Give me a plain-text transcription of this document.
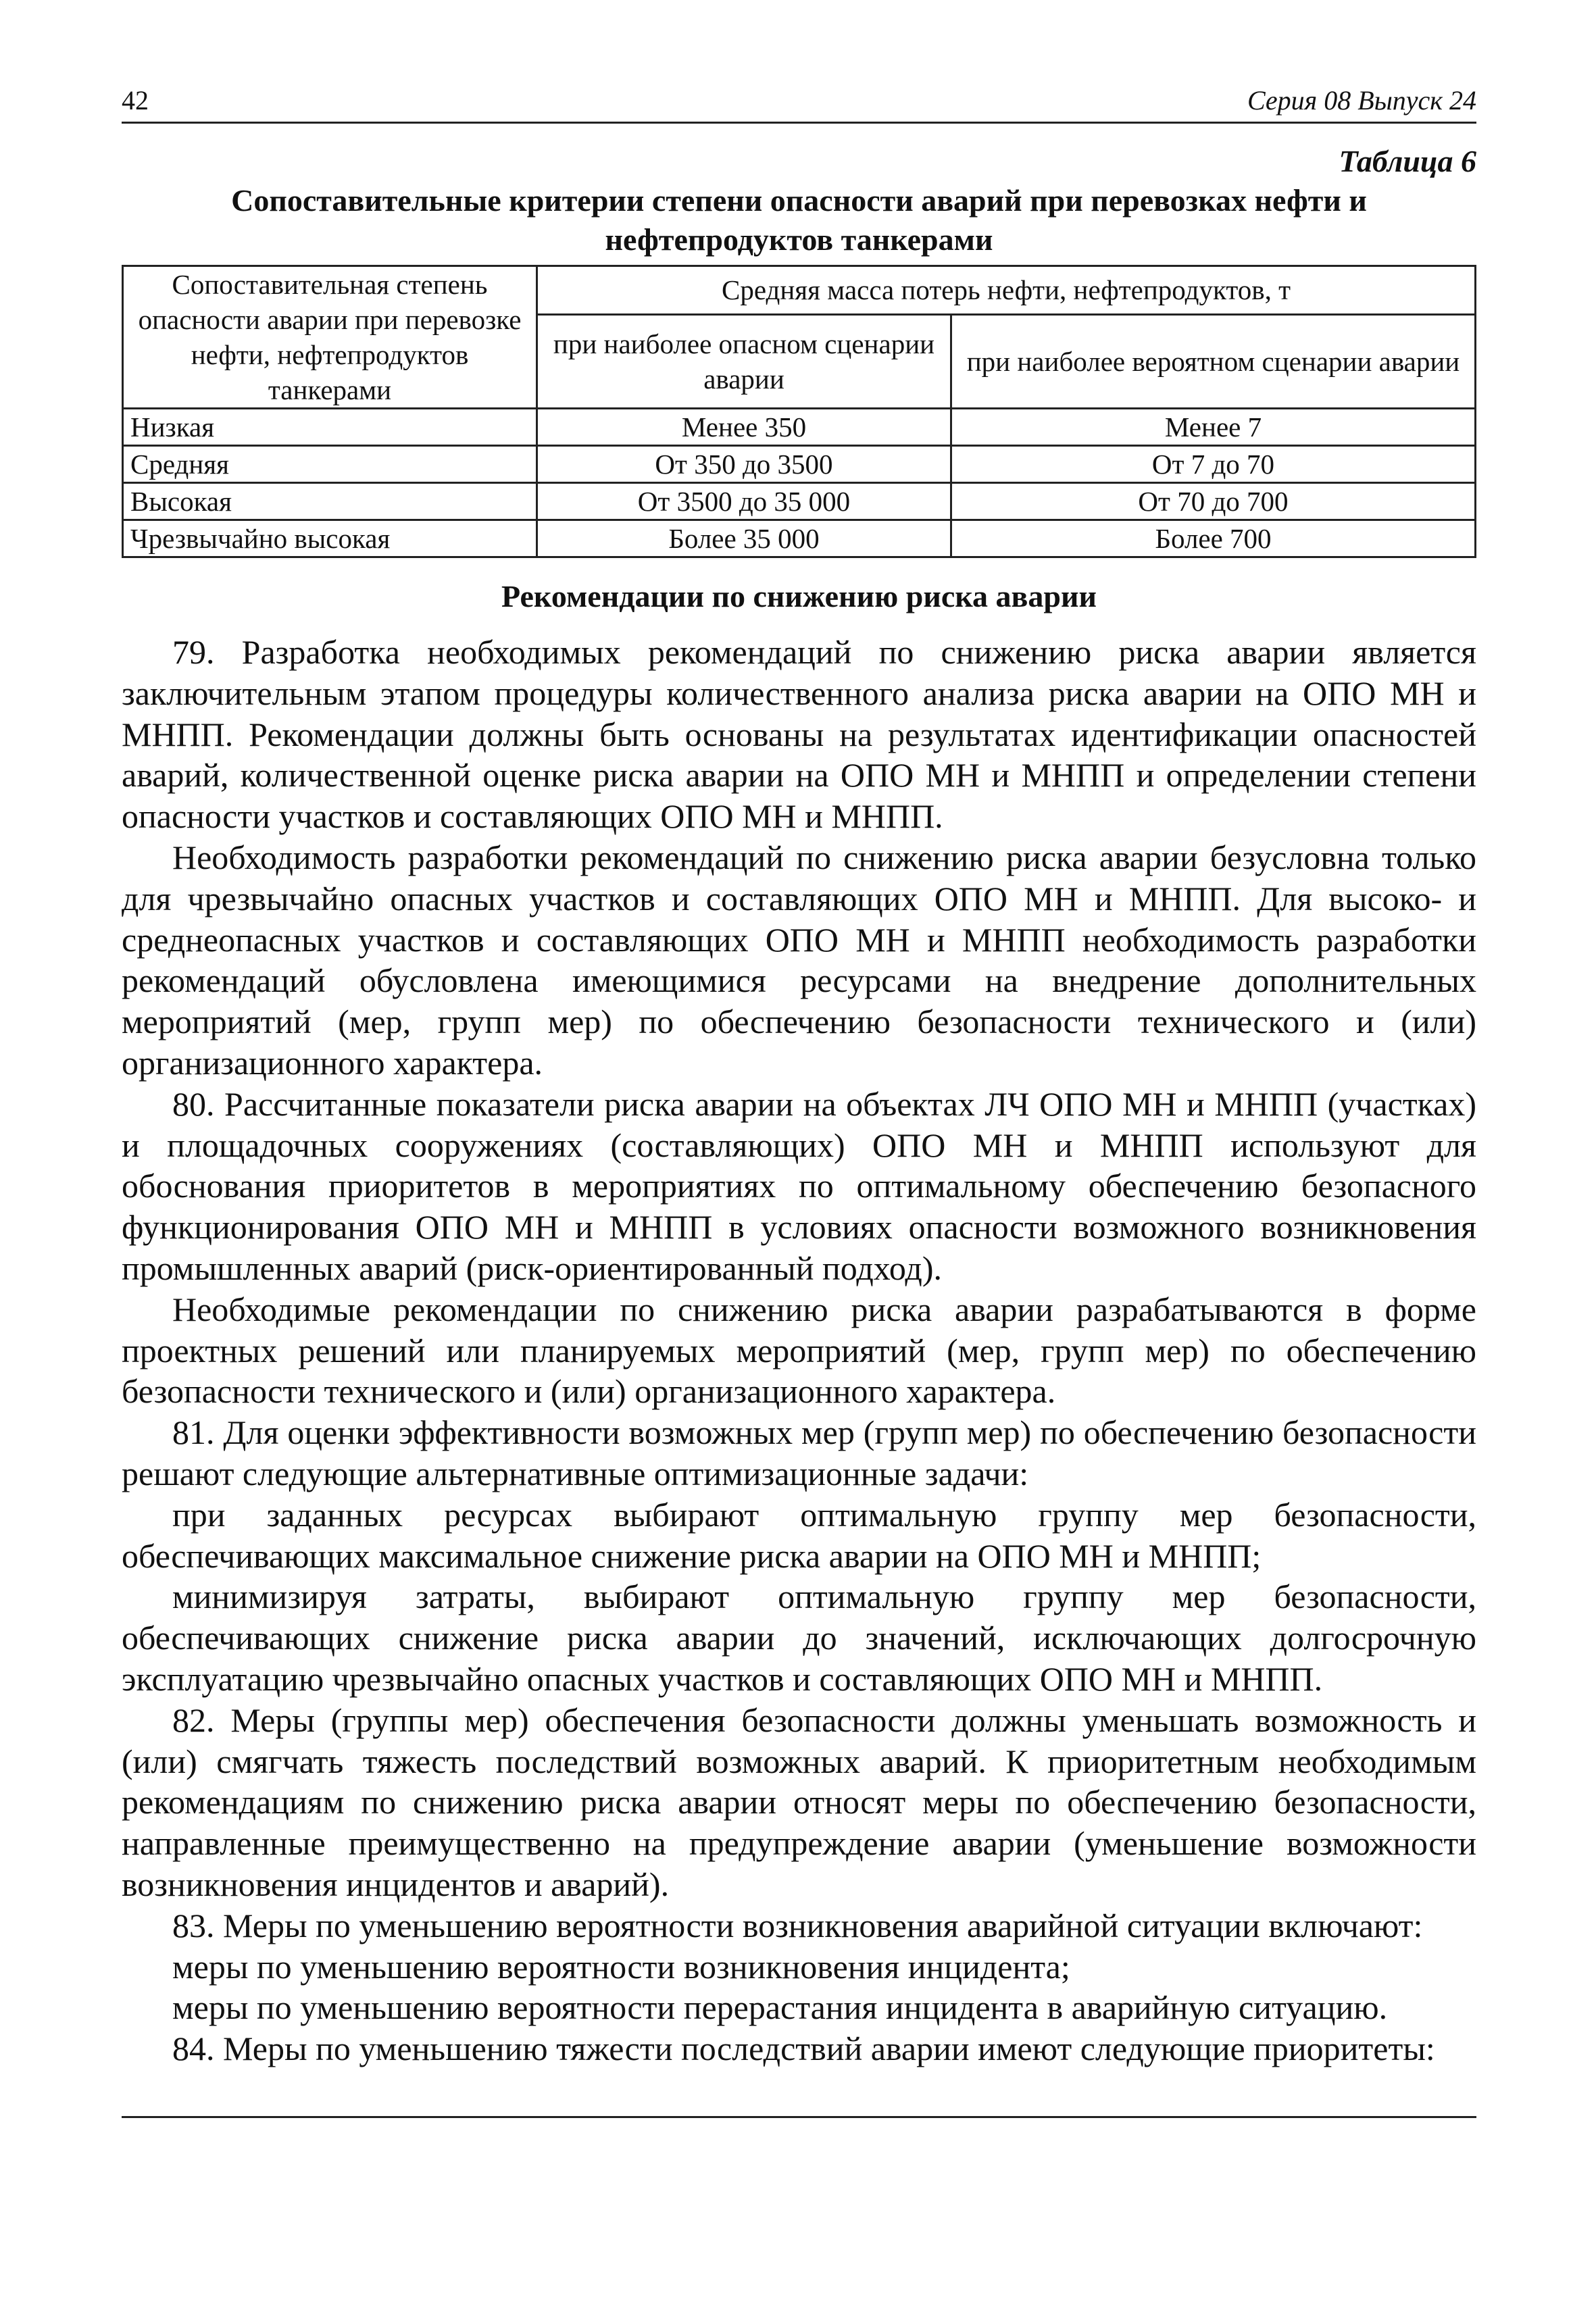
42	Серия 08 Выпуск 24
Таблица 6
Сопоставительные критерии степени опасности аварий при перевозках нефти и нефтепродуктов танкерами
Сопоставительная степень опасности аварии при перевозке нефти, нефтепродуктов танкерами	Средняя масса потерь нефти, нефтепродуктов, т	
	при наиболее опасном сценарии аварии	при наиболее вероятном сценарии аварии
Низкая	Менее 350	Менее 7
Средняя	От 350 до 3500	От 7 до 70
Высокая	От 3500 до 35 000	От 70 до 700
Чрезвычайно высокая	Более 35 000	Более 700
Рекомендации по снижению риска аварии

79. Разработка необходимых рекомендаций по снижению риска аварии является заключительным этапом процедуры количественного анализа риска аварии на ОПО МН и МНПП. Рекомендации должны быть основаны на результатах идентификации опасностей аварий, количественной оценке риска аварии на ОПО МН и МНПП и определении степени опасности участков и составляющих ОПО МН и МНПП.

Необходимость разработки рекомендаций по снижению риска аварии безусловна только для чрезвычайно опасных участков и составляющих ОПО МН и МНПП. Для высоко- и среднеопасных участков и составляющих ОПО МН и МНПП необходимость разработки рекомендаций обусловлена имеющимися ресурсами на внедрение дополнительных мероприятий (мер, групп мер) по обеспечению безопасности технического и (или) организационного характера.

80. Рассчитанные показатели риска аварии на объектах ЛЧ ОПО МН и МНПП (участках) и площадочных сооружениях (составляющих) ОПО МН и МНПП используют для обоснования приоритетов в мероприятиях по оптимальному обеспечению безопасного функционирования ОПО МН и МНПП в условиях опасности возможного возникновения промышленных аварий (риск-ориентированный подход).

Необходимые рекомендации по снижению риска аварии разрабатываются в форме проектных решений или планируемых мероприятий (мер, групп мер) по обеспечению безопасности технического и (или) организационного характера.

81. Для оценки эффективности возможных мер (групп мер) по обеспечению безопасности решают следующие альтернативные оптимизационные задачи:

при заданных ресурсах выбирают оптимальную группу мер безопасности, обеспечивающих максимальное снижение риска аварии на ОПО МН и МНПП;

минимизируя затраты, выбирают оптимальную группу мер безопасности, обеспечивающих снижение риска аварии до значений, исключающих долгосрочную эксплуатацию чрезвычайно опасных участков и составляющих ОПО МН и МНПП.

82. Меры (группы мер) обеспечения безопасности должны уменьшать возможность и (или) смягчать тяжесть последствий возможных аварий. К приоритетным необходимым рекомендациям по снижению риска аварии относят меры по обеспечению безопасности, направленные преимущественно на предупреждение аварии (уменьшение возможности возникновения инцидентов и аварий).

83. Меры по уменьшению вероятности возникновения аварийной ситуации включают:

меры по уменьшению вероятности возникновения инцидента;

меры по уменьшению вероятности перерастания инцидента в аварийную ситуацию.

84. Меры по уменьшению тяжести последствий аварии имеют следующие приоритеты:
